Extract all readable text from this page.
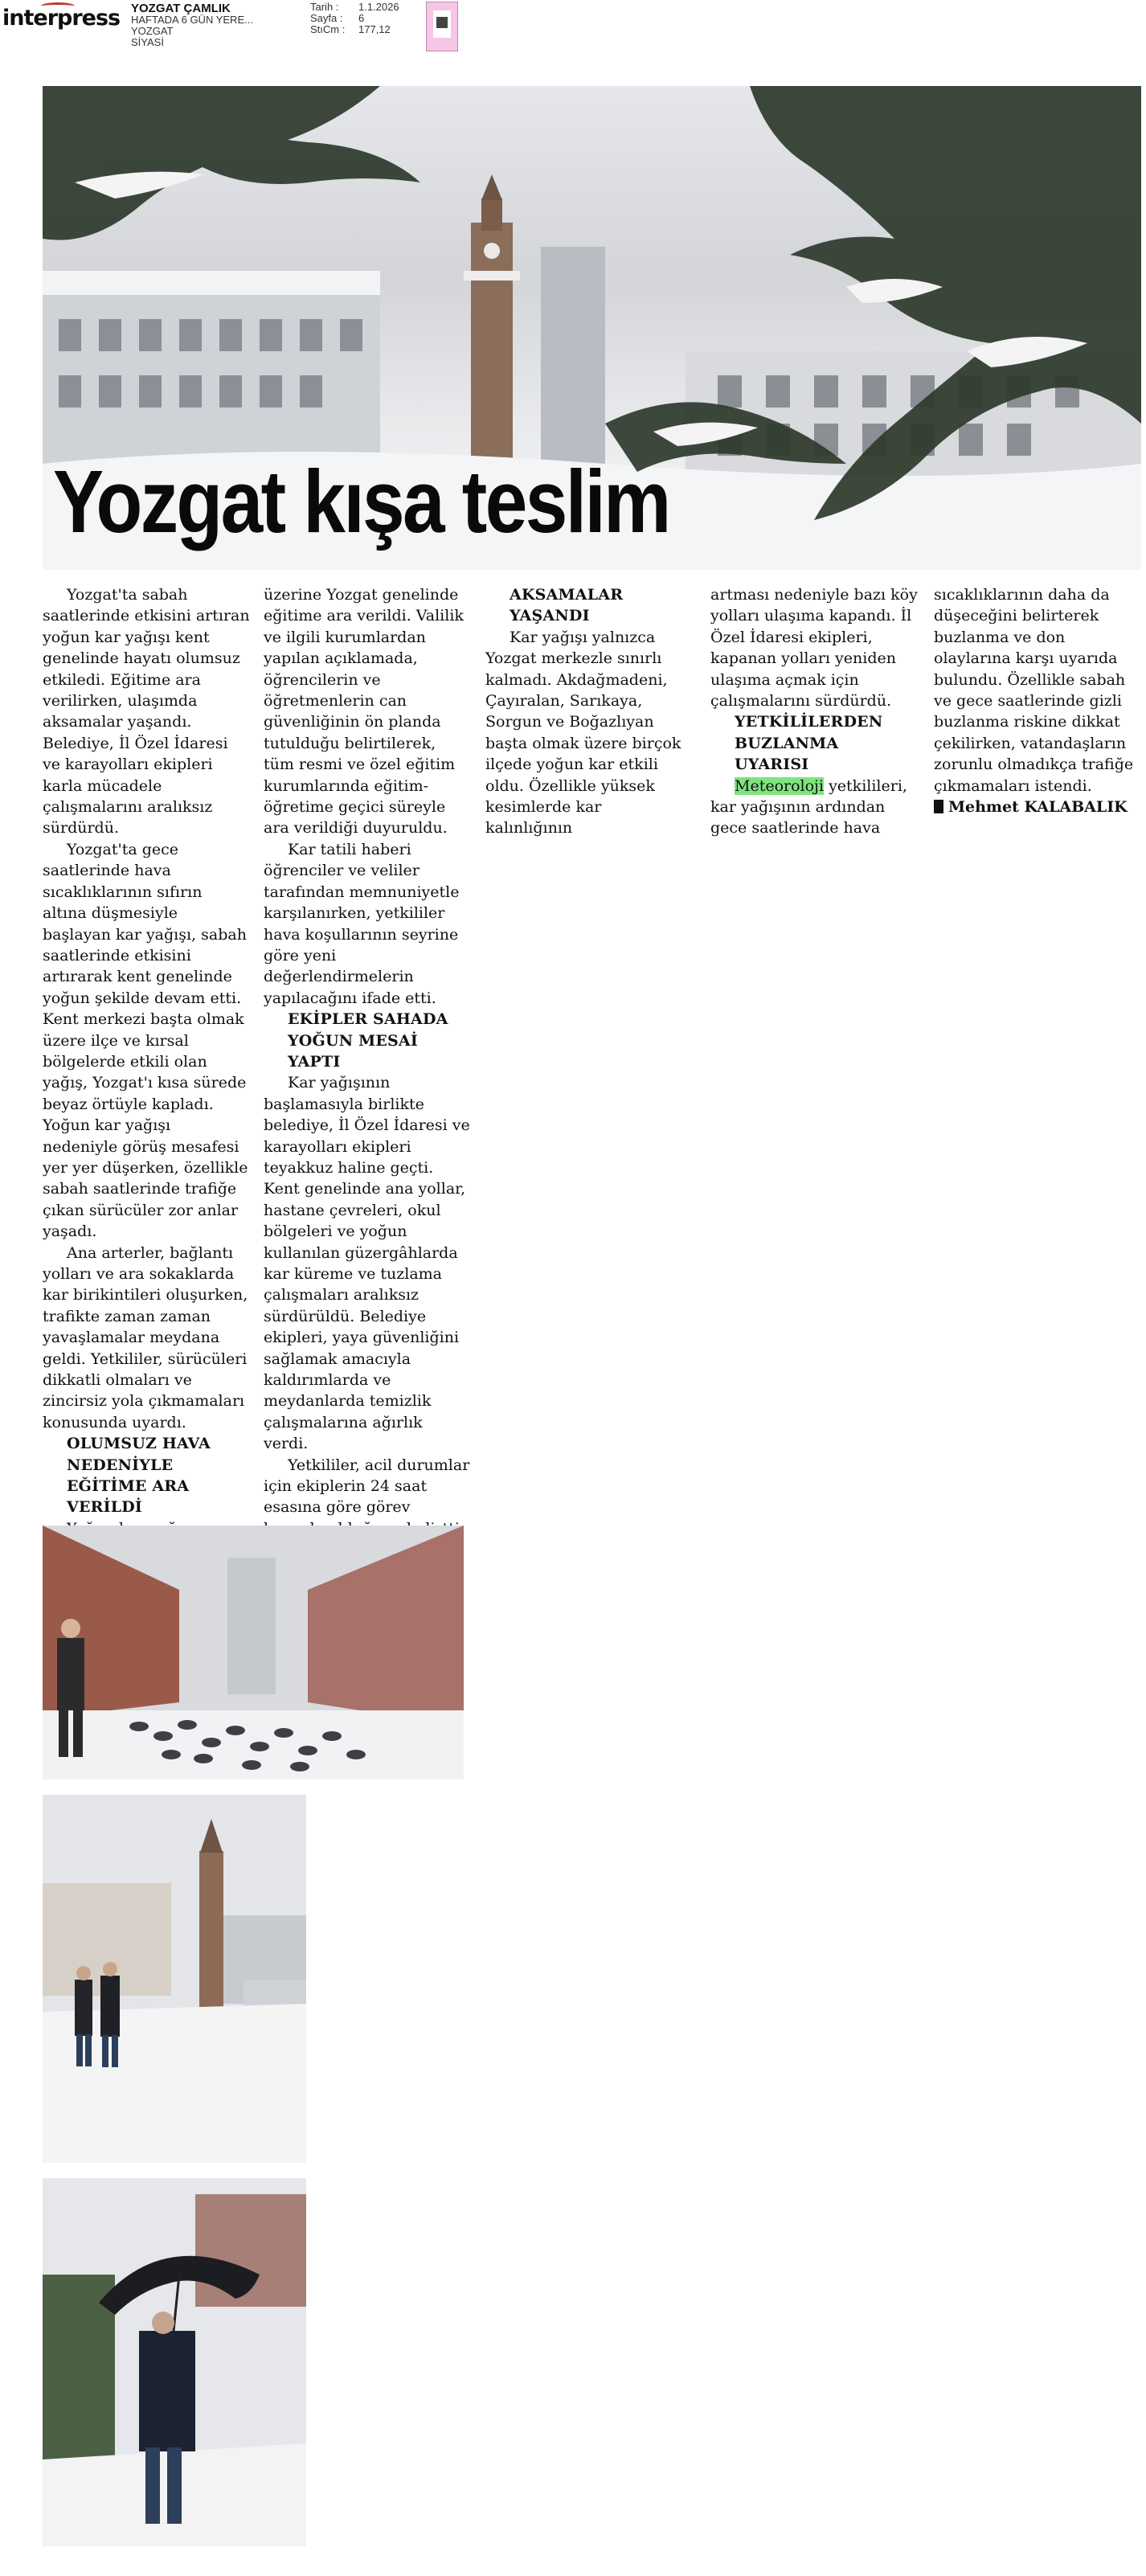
interpress YOZGAT ÇAMLIK
HAFTADA 6 GÜN YERE...
YOZGAT
SİYASİ
Tarih : 1.1.2026
Sayfa : 6
StıCm : 177,12
Yozgat kışa teslim

Yozgat'ta sabah saatlerinde etkisini artıran yoğun kar yağışı kent genelinde hayatı olumsuz etkiledi. Eğitime ara verilirken, ulaşımda aksamalar yaşandı. Belediye, İl Özel İdaresi ve karayolları ekipleri karla mücadele çalışmalarını aralıksız sürdürdü.

Yozgat'ta gece saatlerinde hava sıcaklıklarının sıfırın altına düşmesiyle başlayan kar yağışı, sabah saatlerinde etkisini artırarak kent genelinde yoğun şekilde devam etti. Kent merkezi başta olmak üzere ilçe ve kırsal bölgelerde etkili olan yağış, Yozgat'ı kısa sürede beyaz örtüyle kapladı. Yoğun kar yağışı nedeniyle görüş mesafesi yer yer düşerken, özellikle sabah saatlerinde trafiğe çıkan sürücüler zor anlar yaşadı.

Ana arterler, bağlantı yolları ve ara sokaklarda kar birikintileri oluşurken, trafikte zaman zaman yavaşlamalar meydana geldi. Yetkililer, sürücüleri dikkatli olmaları ve zincirsiz yola çıkmamaları konusunda uyardı.

OLUMSUZ HAVA NEDENİYLE EĞİTİME ARA VERİLDİ

üzerine Yozgat genelinde eğitime ara verildi. Valilik ve ilgili kurumlardan yapılan açıklamada, öğrencilerin ve öğretmenlerin can güvenliğinin ön planda tutulduğu belirtilerek, tüm resmi ve özel eğitim kurumlarında eğitim-öğretime geçici süreyle ara verildiği duyuruldu.

Kar tatili haberi öğrenciler ve veliler tarafından memnuniyetle karşılanırken, yetkililer hava koşullarının seyrine göre yeni değerlendirmelerin yapılacağını ifade etti.

EKİPLER SAHADA YOĞUN MESAİ YAPTI

Kar yağışının başlamasıyla birlikte belediye, İl Özel İdaresi ve karayolları ekipleri teyakkuz haline geçti. Kent genelinde ana yollar, hastane çevreleri, okul bölgeleri ve yoğun kullanılan güzergâhlarda kar küreme ve tuzlama çalışmaları aralıksız sürdürüldü. Belediye ekipleri, yaya güvenliğini sağlamak amacıyla kaldırımlarda ve meydanlarda temizlik çalışmalarına ağırlık verdi.

Yetkililer, acil durumlar için ekiplerin 24 saat esasına göre görev

AKSAMALAR YAŞANDI

Kar yağışı yalnızca Yozgat merkezle sınırlı kalmadı. Akdağmadeni, Çayıralan, Sarıkaya, Sorgun ve Boğazlıyan başta olmak üzere birçok ilçede yoğun kar etkili oldu. Özellikle yüksek kesimlerde kar kalınlığının

artması nedeniyle bazı köy yolları ulaşıma kapandı. İl Özel İdaresi ekipleri, kapanan yolları yeniden ulaşıma açmak için çalışmalarını sürdürdü.

YETKİLİLERDEN BUZLANMA UYARISI

Meteoroloji yetkilileri, kar yağışının ardından gece saatlerinde hava

sıcaklıklarının daha da düşeceğini belirterek buzlanma ve don olaylarına karşı uyarıda bulundu. Özellikle sabah ve gece saatlerinde gizli buzlanma riskine dikkat çekilirken, vatandaşların zorunlu olmadıkça trafiğe çıkmamaları istendi.

Mehmet KALABALIK
